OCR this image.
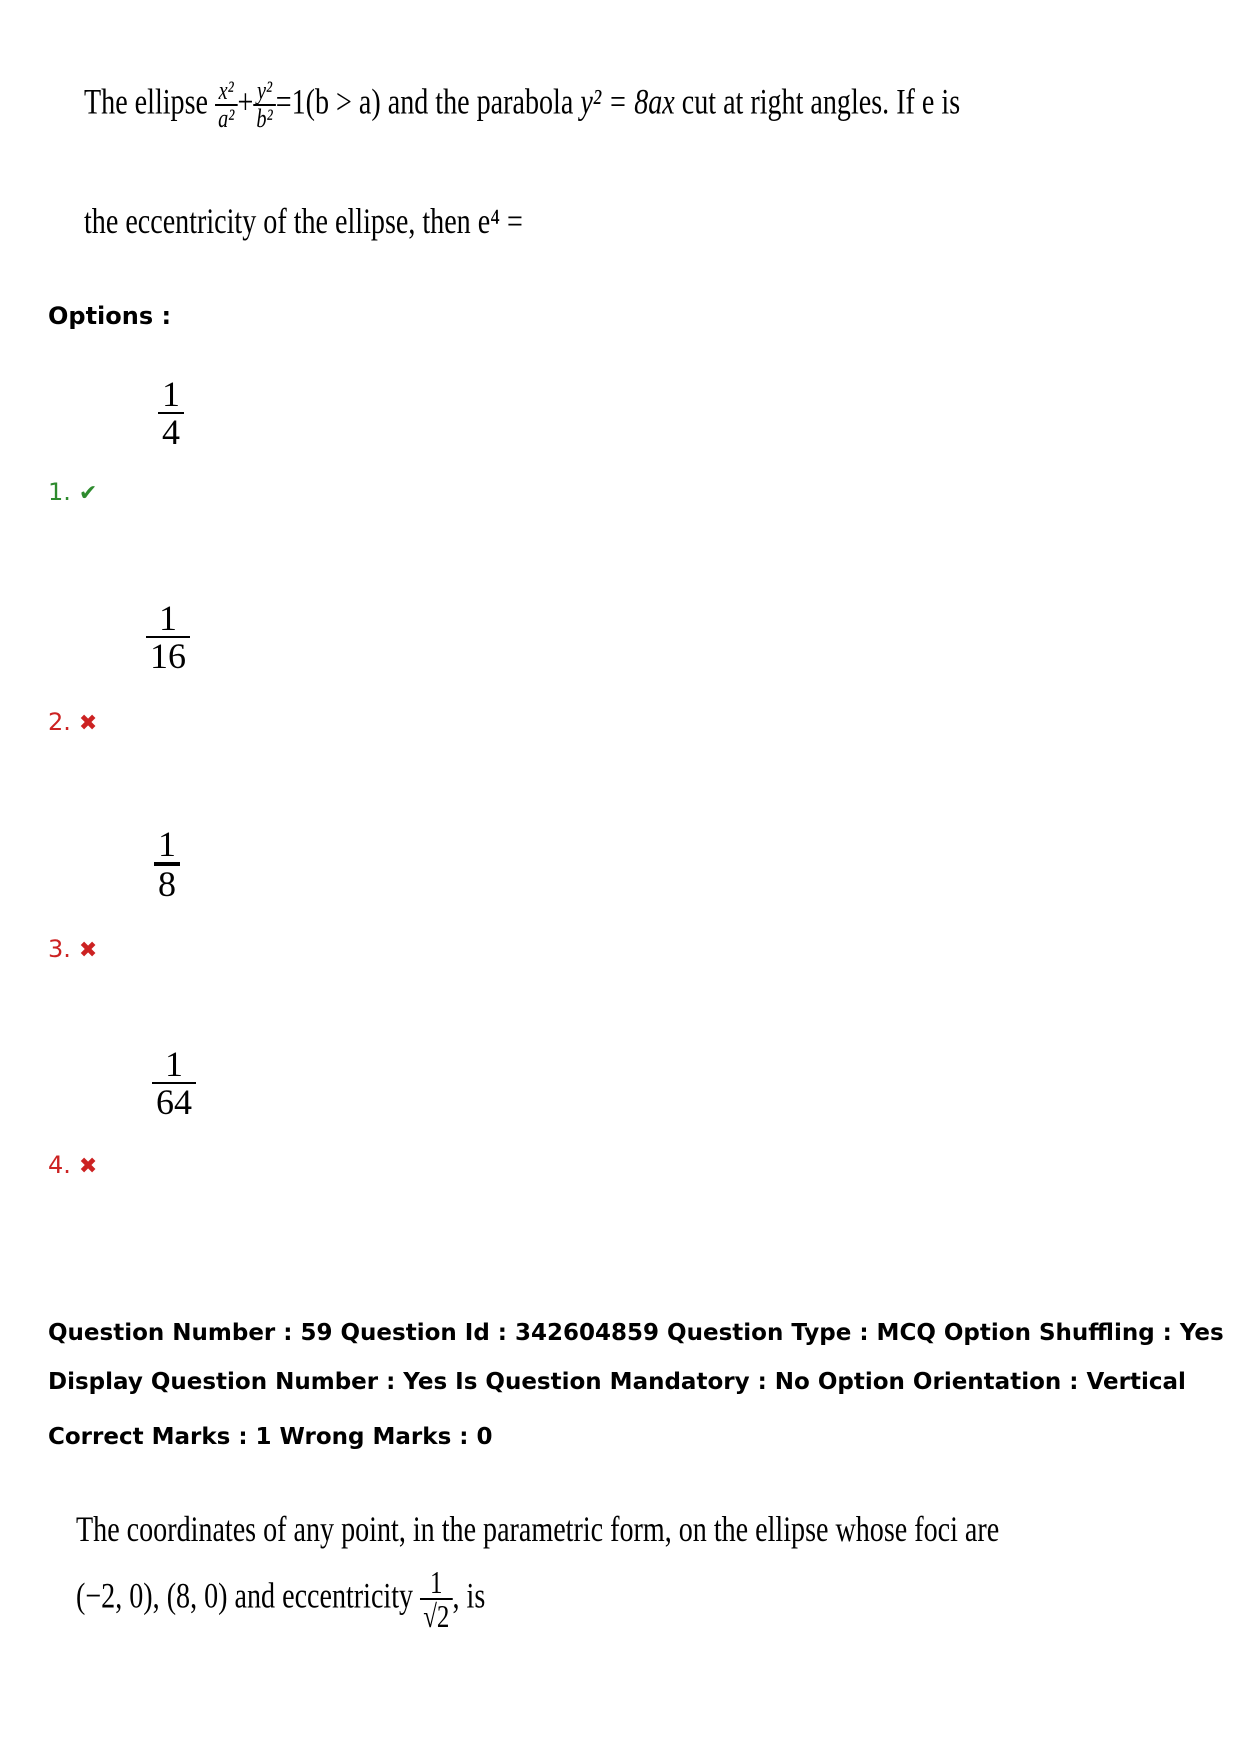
The ellipse $\frac{\text{x²}}{\text{a²}} + \frac{\text{y²}}{\text{b²}} =1(b > a)$ and the parabola y² = 8ax cut at right angles. If e is
the eccentricity of the ellipse, then e⁴ =
Options :
1
4
1. ✔
1
16
2. ✖
1
8
3. ✖
1
64
4. ✖
Question Number : 59 Question Id : 342604859 Question Type : MCQ Option Shuffling : Yes
Display Question Number : Yes Is Question Mandatory : No Option Orientation : Vertical
Correct Marks : 1 Wrong Marks : 0
The coordinates of any point, in the parametric form, on the ellipse whose foci are
(−2, 0), (8, 0) and eccentricity $\frac{1}{√2}$ , is
